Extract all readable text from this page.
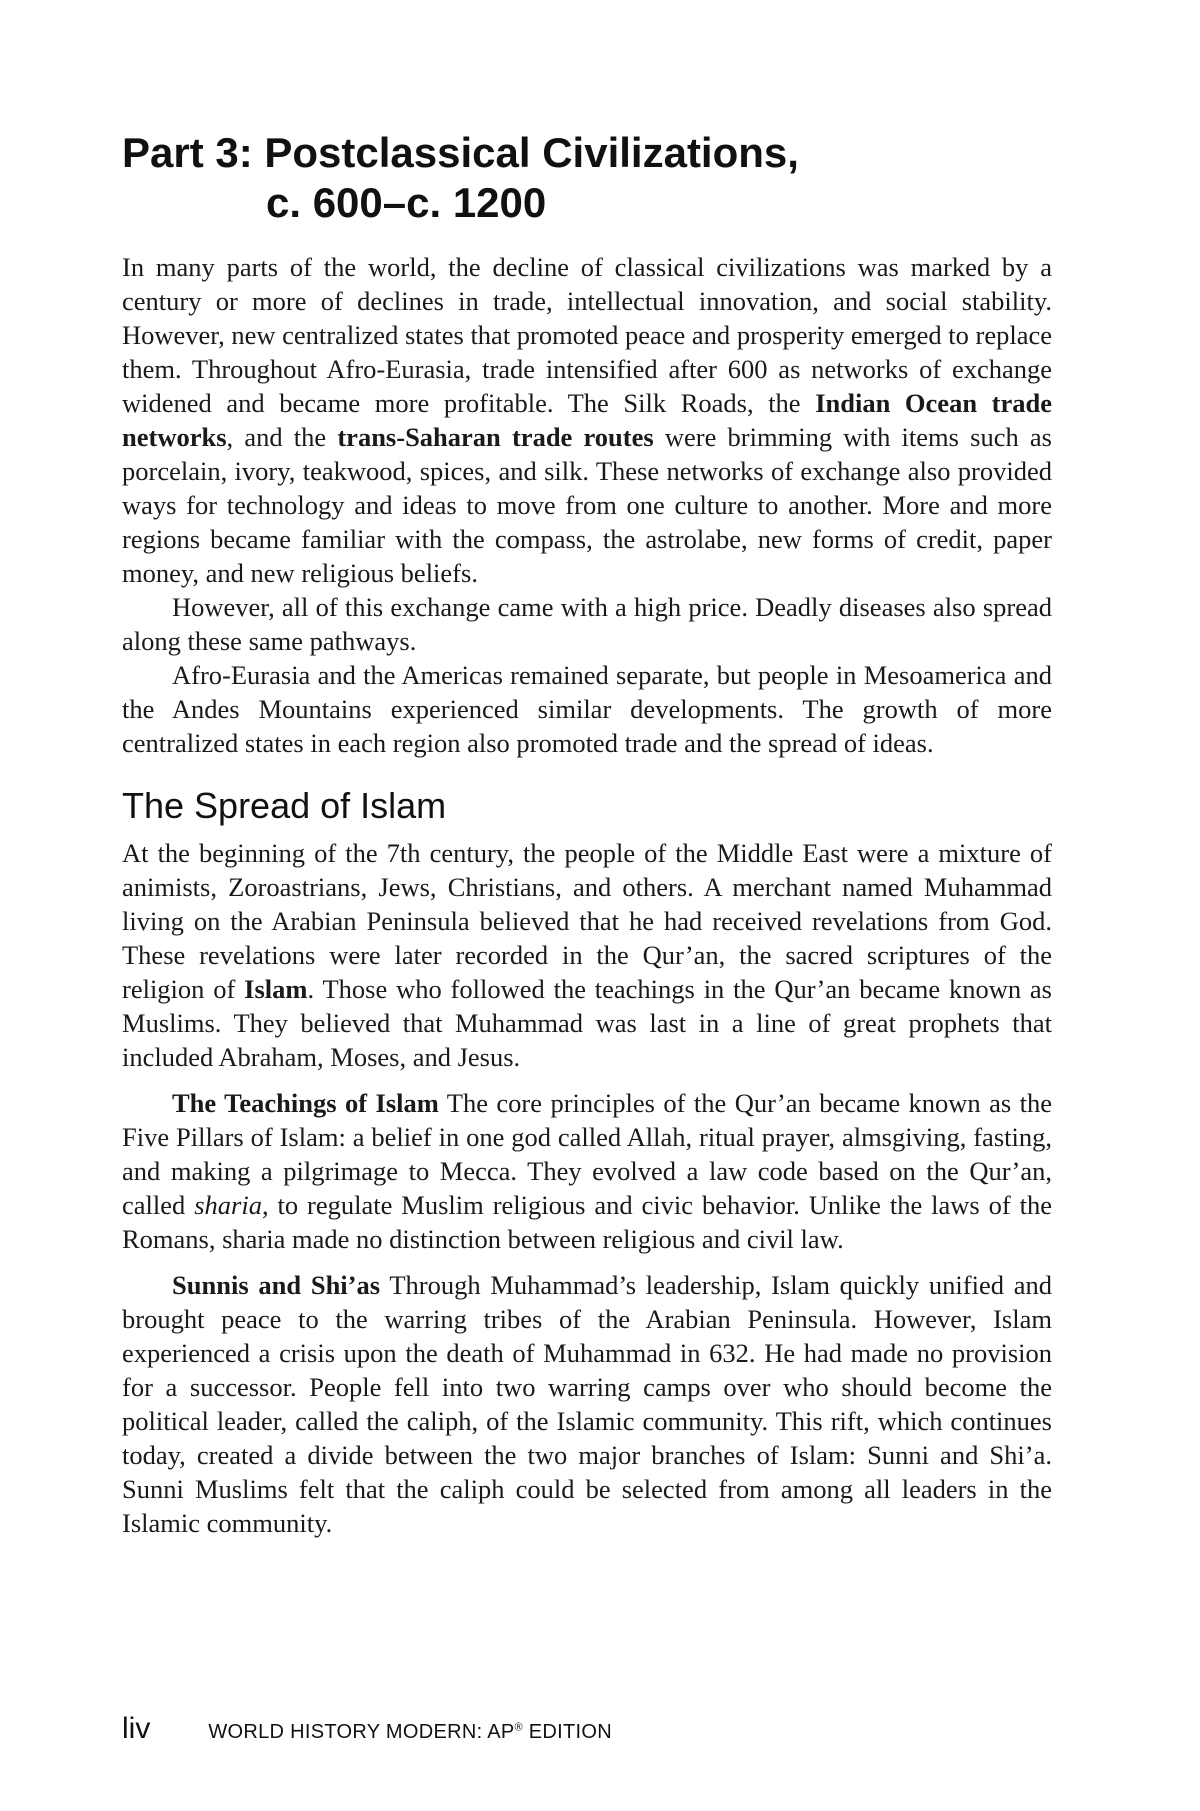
Part 3: Postclassical Civilizations,
c. 600–c. 1200

In many parts of the world, the decline of classical civilizations was marked by a century or more of declines in trade, intellectual innovation, and social stability. However, new centralized states that promoted peace and prosperity emerged to replace them. Throughout Afro-Eurasia, trade intensified after 600 as networks of exchange widened and became more profitable. The Silk Roads, the Indian Ocean trade networks, and the trans-Saharan trade routes were brimming with items such as porcelain, ivory, teakwood, spices, and silk. These networks of exchange also provided ways for technology and ideas to move from one culture to another. More and more regions became familiar with the compass, the astrolabe, new forms of credit, paper money, and new religious beliefs.

However, all of this exchange came with a high price. Deadly diseases also spread along these same pathways.

Afro-Eurasia and the Americas remained separate, but people in Mesoamerica and the Andes Mountains experienced similar developments. The growth of more centralized states in each region also promoted trade and the spread of ideas.

The Spread of Islam

At the beginning of the 7th century, the people of the Middle East were a mixture of animists, Zoroastrians, Jews, Christians, and others. A merchant named Muhammad living on the Arabian Peninsula believed that he had received revelations from God. These revelations were later recorded in the Qur’an, the sacred scriptures of the religion of Islam. Those who followed the teachings in the Qur’an became known as Muslims. They believed that Muhammad was last in a line of great prophets that included Abraham, Moses, and Jesus.

The Teachings of Islam The core principles of the Qur’an became known as the Five Pillars of Islam: a belief in one god called Allah, ritual prayer, almsgiving, fasting, and making a pilgrimage to Mecca. They evolved a law code based on the Qur’an, called sharia, to regulate Muslim religious and civic behavior. Unlike the laws of the Romans, sharia made no distinction between religious and civil law.

Sunnis and Shi’as Through Muhammad’s leadership, Islam quickly unified and brought peace to the warring tribes of the Arabian Peninsula. However, Islam experienced a crisis upon the death of Muhammad in 632. He had made no provision for a successor. People fell into two warring camps over who should become the political leader, called the caliph, of the Islamic community. This rift, which continues today, created a divide between the two major branches of Islam: Sunni and Shi’a. Sunni Muslims felt that the caliph could be selected from among all leaders in the Islamic community.

liv	WORLD HISTORY MODERN: AP® EDITION
